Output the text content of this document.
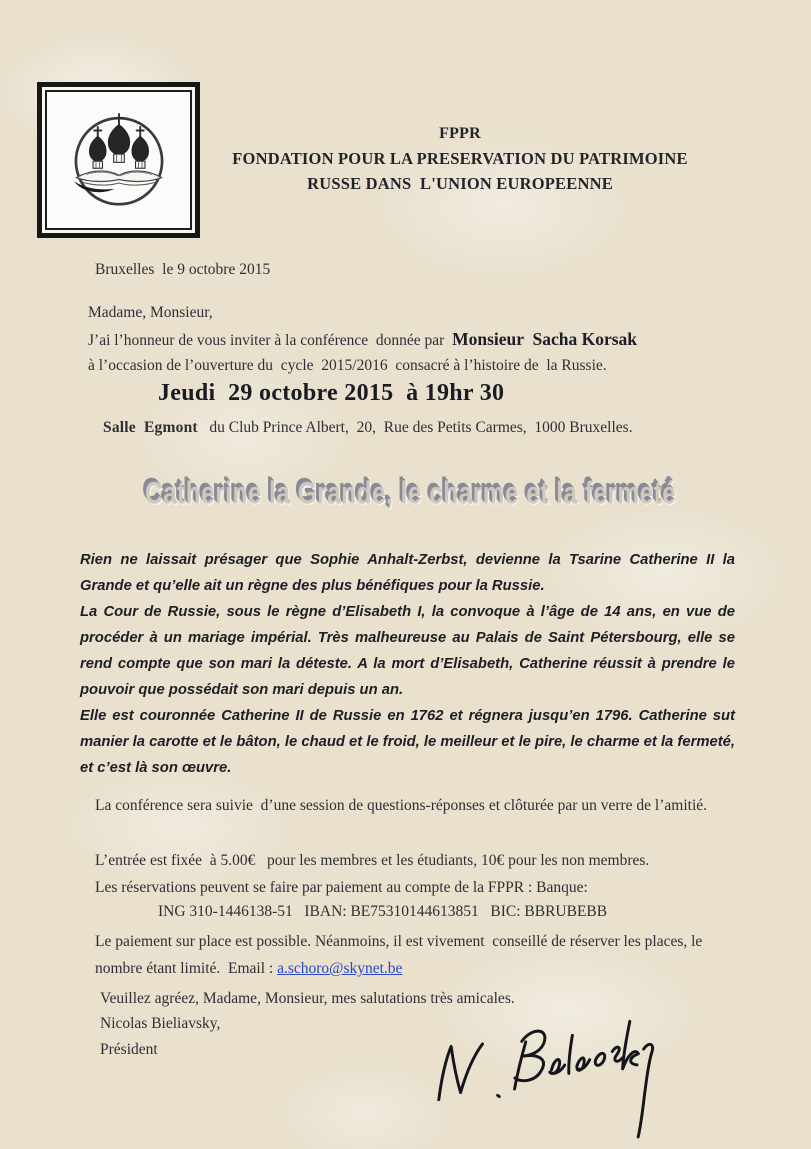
FPPR
FONDATION POUR LA PRESERVATION DU PATRIMOINE
RUSSE DANS  L'UNION EUROPEENNE
Bruxelles  le 9 octobre 2015
Madame, Monsieur,
J’ai l’honneur de vous inviter à la conférence  donnée par  Monsieur  Sacha Korsak
à l’occasion de l’ouverture du  cycle  2015/2016  consacré à l’histoire de  la Russie.
Jeudi  29 octobre 2015  à 19hr 30
Salle  Egmont   du Club Prince Albert,  20,  Rue des Petits Carmes,  1000 Bruxelles.
Catherine la Grande, le charme et la fermeté

Rien ne laissait présager que Sophie Anhalt-Zerbst, devienne la Tsarine Catherine II la Grande et qu’elle ait un règne des plus bénéfiques pour la Russie.

La Cour de Russie, sous le règne d’Elisabeth I, la convoque à l’âge de 14 ans, en vue de procéder à un mariage impérial. Très malheureuse au Palais de Saint Pétersbourg, elle se rend compte que son mari la déteste. A la mort d’Elisabeth, Catherine réussit à prendre le pouvoir que possédait son mari depuis un an.

Elle est couronnée Catherine II de Russie en 1762 et régnera jusqu’en 1796. Catherine sut manier la carotte et le bâton, le chaud et le froid, le meilleur et le pire, le charme et la fermeté, et c’est là son œuvre.

La conférence sera suivie  d’une session de questions-réponses et clôturée par un verre de l’amitié.
L’entrée est fixée  à 5.00€   pour les membres et les étudiants, 10€ pour les non membres.
Les réservations peuvent se faire par paiement au compte de la FPPR : Banque:
ING 310-1446138-51   IBAN: BE75310144613851   BIC: BBRUBEBB
Le paiement sur place est possible. Néanmoins, il est vivement  conseillé de réserver les places, le nombre étant limité.  Email : a.schoro@skynet.be
Veuillez agréez, Madame, Monsieur, mes salutations très amicales.
Nicolas Bieliavsky,
Président
